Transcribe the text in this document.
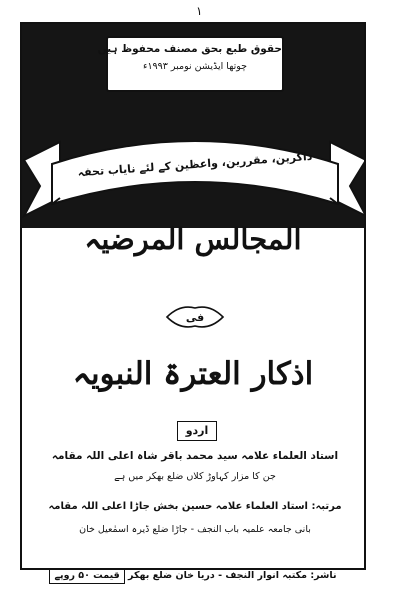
۱
حقوق طبع بحق مصنف محفوظ ہیں
چوتھا ایڈیشن نومبر ۱۹۹۳ء
ذاکرین، مقررین، واعظین کے لئے نایاب تحفہ
المجالس المرضیہ
فی
اذکار العترۃ النبویہ
اردو
استاد العلماء علامہ سید محمد باقر شاہ اعلی اللہ مقامہ
جن کا مزار کہاوڑ کلاں ضلع بھکر میں ہے
مرتبہ: استاد العلماء علامہ حسین بخش جاڑا اعلی اللہ مقامہ
بانی جامعہ علمیہ باب النجف - جاڑا ضلع ڈیرہ اسمٰعیل خان
ناشر: مکتبہ انوار النجف - دریا خان ضلع بھکر قیمت ۵۰ روپے
